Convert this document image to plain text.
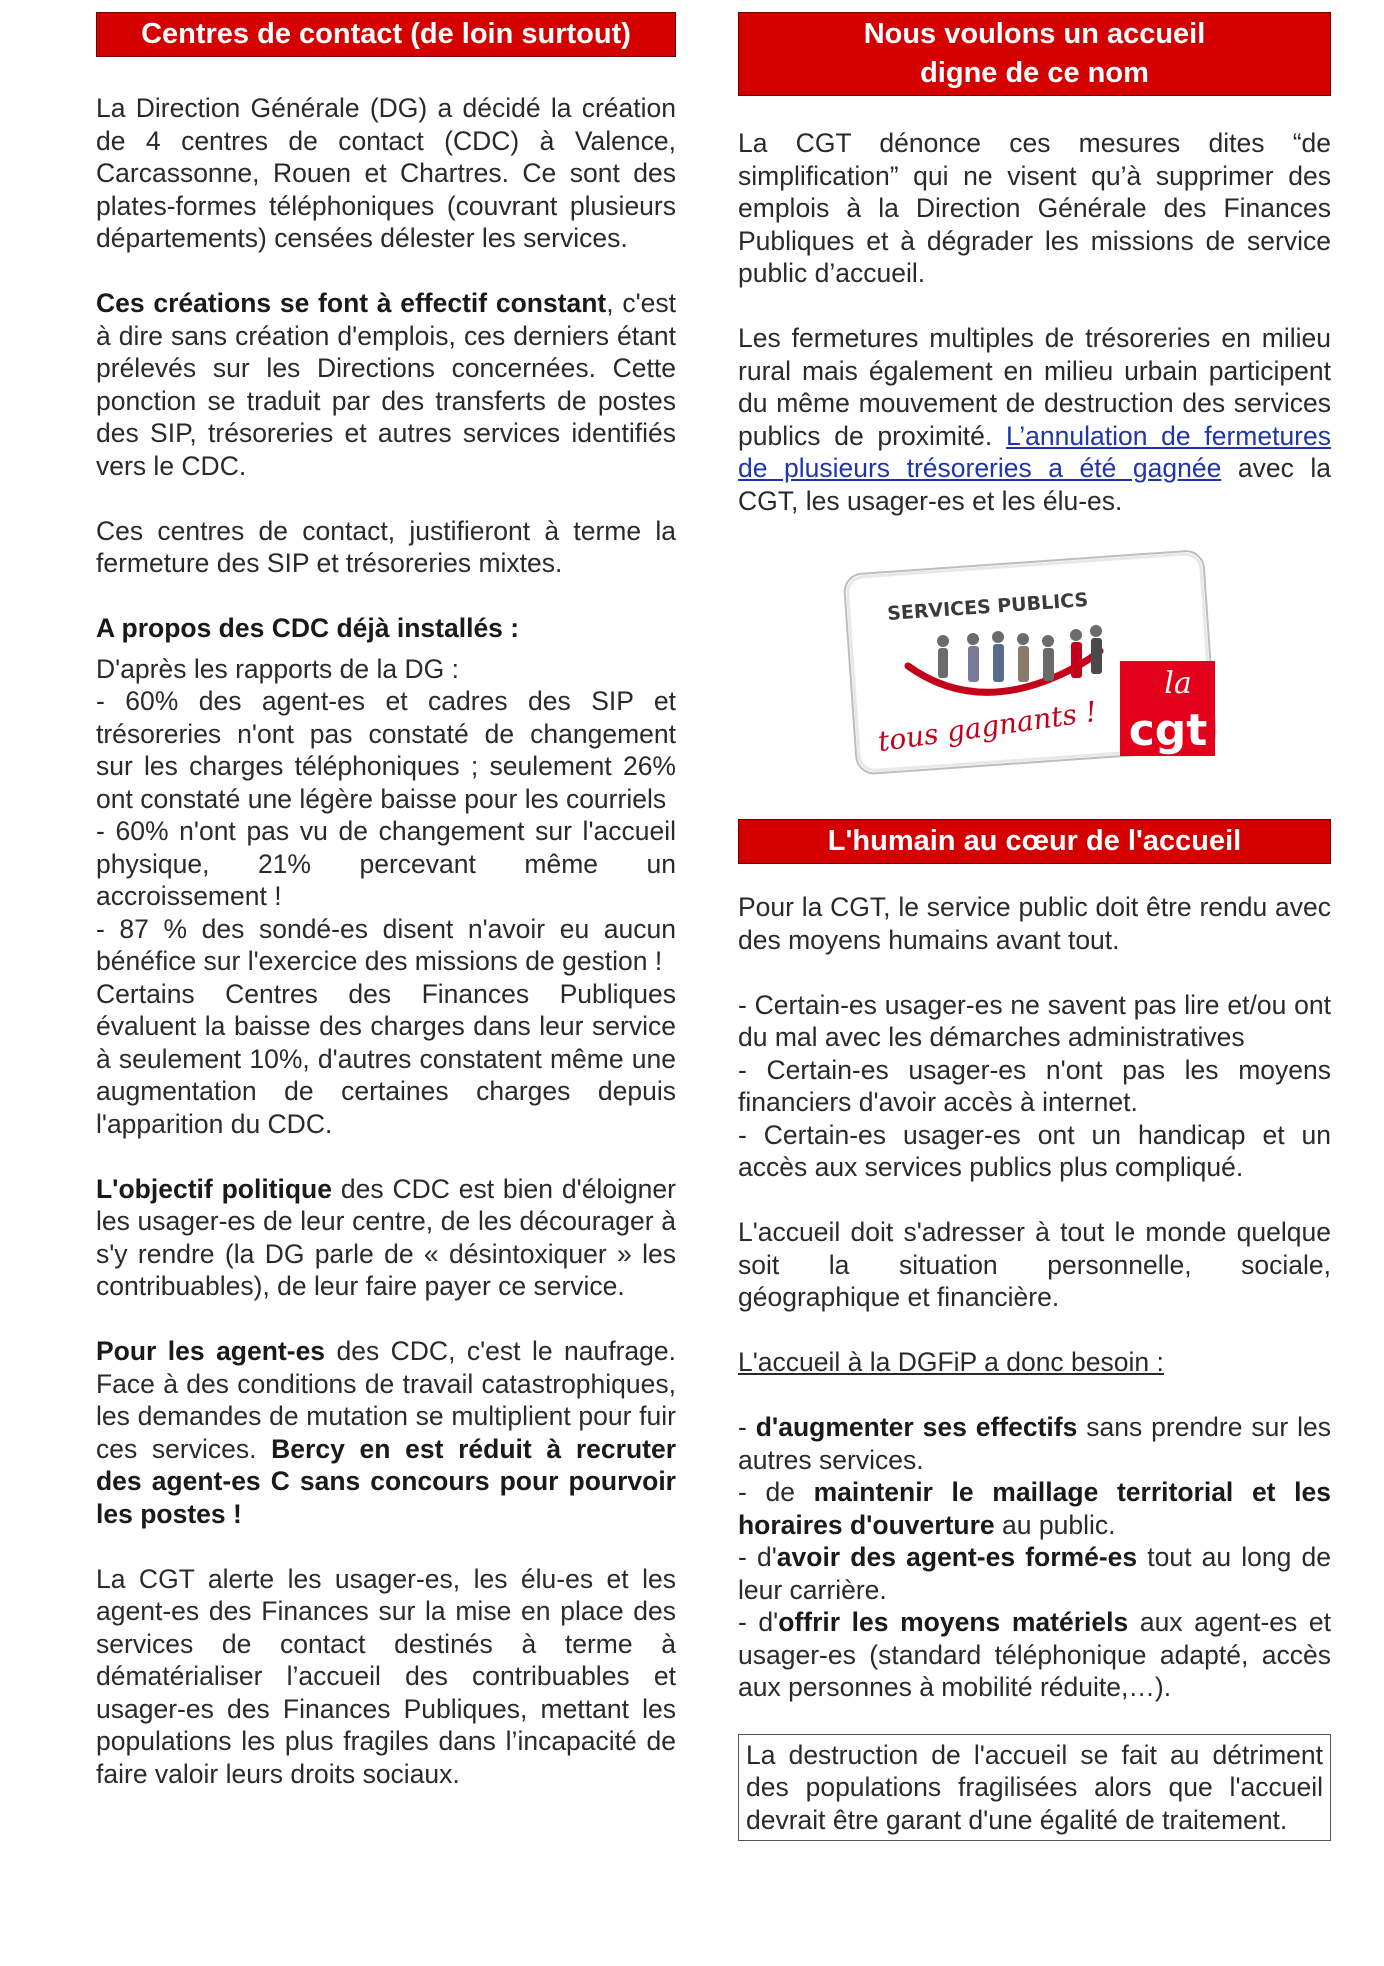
Centres de contact (de loin surtout)

La Direction Générale (DG) a décidé la création de 4 centres de contact (CDC) à Valence, Carcassonne, Rouen et Chartres. Ce sont des plates-formes téléphoniques (couvrant plusieurs départements) censées délester les services.

Ces créations se font à effectif constant, c'est à dire sans création d'emplois, ces derniers étant prélevés sur les Directions concernées. Cette ponction se traduit par des transferts de postes des SIP, trésoreries et autres services identifiés vers le CDC.

Ces centres de contact, justifieront à terme la fermeture des SIP et trésoreries mixtes.

A propos des CDC déjà installés :

D'après les rapports de la DG :

- 60% des agent-es et cadres des SIP et trésoreries n'ont pas constaté de changement sur les charges téléphoniques ; seulement 26% ont constaté une légère baisse pour les courriels

- 60% n'ont pas vu de changement sur l'accueil physique, 21% percevant même un accroissement !

- 87 % des sondé-es disent n'avoir eu aucun bénéfice sur l'exercice des missions de gestion !

Certains Centres des Finances Publiques évaluent la baisse des charges dans leur service à seulement 10%, d'autres constatent même une augmentation de certaines charges depuis l'apparition du CDC.

L'objectif politique des CDC est bien d'éloigner les usager-es de leur centre, de les décourager à s'y rendre (la DG parle de « désintoxiquer » les contribuables), de leur faire payer ce service.

Pour les agent-es des CDC, c'est le naufrage. Face à des conditions de travail catastrophiques, les demandes de mutation se multiplient pour fuir ces services. Bercy en est réduit à recruter des agent-es C sans concours pour pourvoir les postes !

La CGT alerte les usager-es, les élu-es et les agent-es des Finances sur la mise en place des services de contact destinés à terme à dématérialiser l’accueil des contribuables et usager-es des Finances Publiques, mettant les populations les plus fragiles dans l’incapacité de faire valoir leurs droits sociaux.

Nous voulons un accueil
digne de ce nom

La CGT dénonce ces mesures dites “de simplification” qui ne visent qu’à supprimer des emplois à la Direction Générale des Finances Publiques et à dégrader les missions de service public d’accueil.

Les fermetures multiples de trésoreries en milieu rural mais également en milieu urbain participent du même mouvement de destruction des services publics de proximité. L’annulation de fermetures de plusieurs trésoreries a été gagnée avec la CGT, les usager-es et les élu-es.

SERVICES PUBLICS
tous gagnants !
la
cgt
L'humain au cœur de l'accueil

Pour la CGT, le service public doit être rendu avec des moyens humains avant tout.

- Certain-es usager-es ne savent pas lire et/ou ont du mal avec les démarches administratives

- Certain-es usager-es n'ont pas les moyens financiers d'avoir accès à internet.

- Certain-es usager-es ont un handicap et un accès aux services publics plus compliqué.

L'accueil doit s'adresser à tout le monde quelque soit la situation personnelle, sociale, géographique et financière.

L'accueil à la DGFiP a donc besoin :

- d'augmenter ses effectifs sans prendre sur les autres services.

- de maintenir le maillage territorial et les horaires d'ouverture au public.

- d'avoir des agent-es formé-es tout au long de leur carrière.

- d'offrir les moyens matériels aux agent-es et usager-es (standard téléphonique adapté, accès aux personnes à mobilité réduite,…).

La destruction de l'accueil se fait au détriment des populations fragilisées alors que l'accueil devrait être garant d'une égalité de traitement.
